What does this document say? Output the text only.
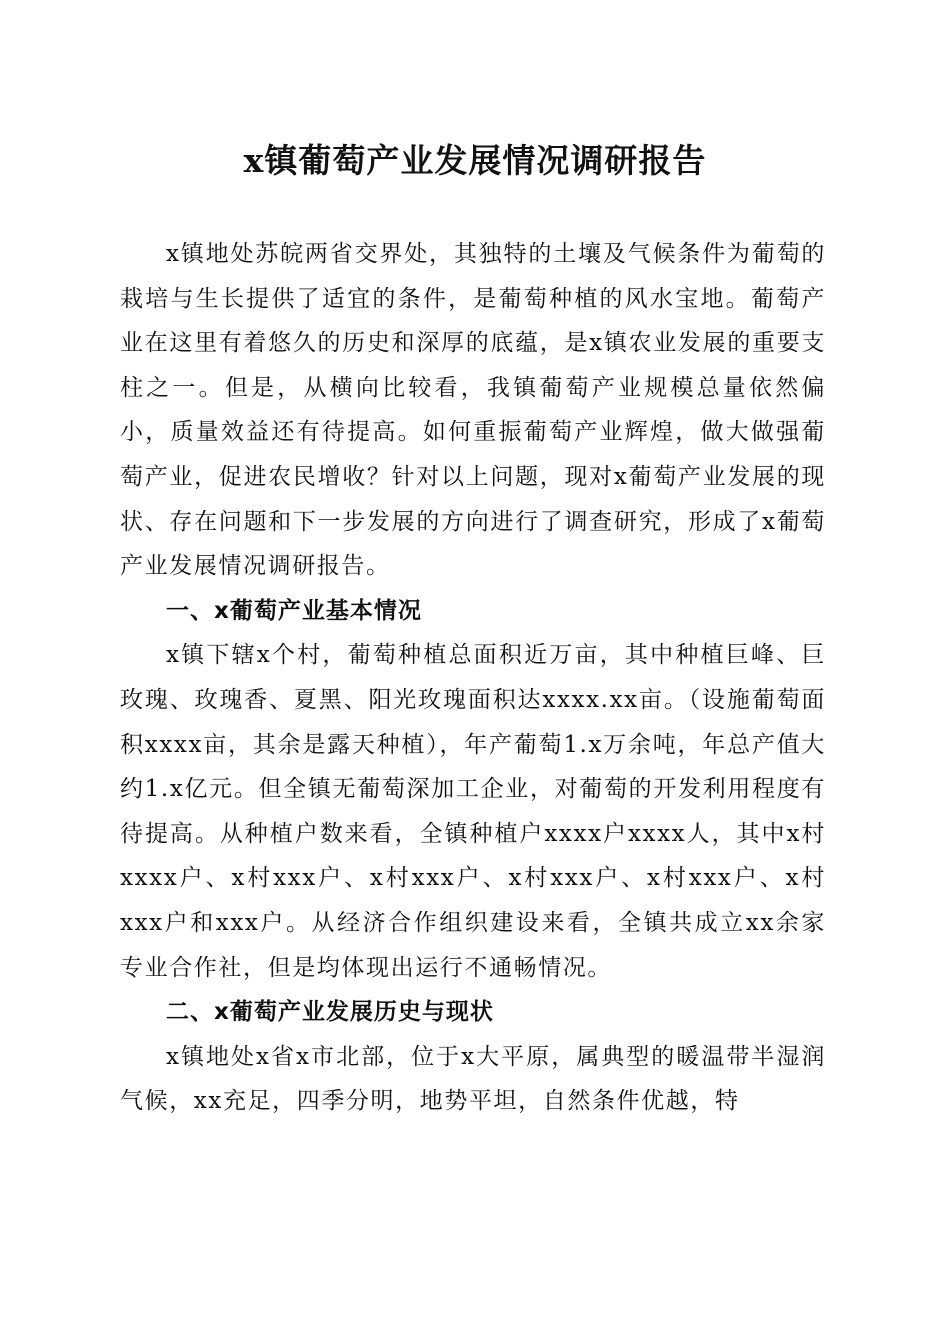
x镇葡萄产业发展情况调研报告

x镇地处苏皖两省交界处，其独特的土壤及气候条件为葡萄的栽培与生长提供了适宜的条件，是葡萄种植的风水宝地。葡萄产业在这里有着悠久的历史和深厚的底蕴，是x镇农业发展的重要支柱之一。但是，从横向比较看，我镇葡萄产业规模总量依然偏小，质量效益还有待提高。如何重振葡萄产业辉煌，做大做强葡萄产业，促进农民增收？针对以上问题，现对x葡萄产业发展的现状、存在问题和下一步发展的方向进行了调查研究，形成了x葡萄产业发展情况调研报告。

一、x葡萄产业基本情况

x镇下辖x个村，葡萄种植总面积近万亩，其中种植巨峰、巨玫瑰、玫瑰香、夏黑、阳光玫瑰面积达xxxx.xx亩。（设施葡萄面积xxxx亩，其余是露天种植），年产葡萄1.x万余吨，年总产值大约1.x亿元。但全镇无葡萄深加工企业，对葡萄的开发利用程度有待提高。从种植户数来看，全镇种植户xxxx户xxxx人，其中x村xxxx户、x村xxx户、x村xxx户、x村xxx户、x村xxx户、x村xxx户和xxx户。从经济合作组织建设来看，全镇共成立xx余家专业合作社，但是均体现出运行不通畅情况。

二、x葡萄产业发展历史与现状

x镇地处x省x市北部，位于x大平原，属典型的暖温带半湿润气候，xx充足，四季分明，地势平坦，自然条件优越，特
